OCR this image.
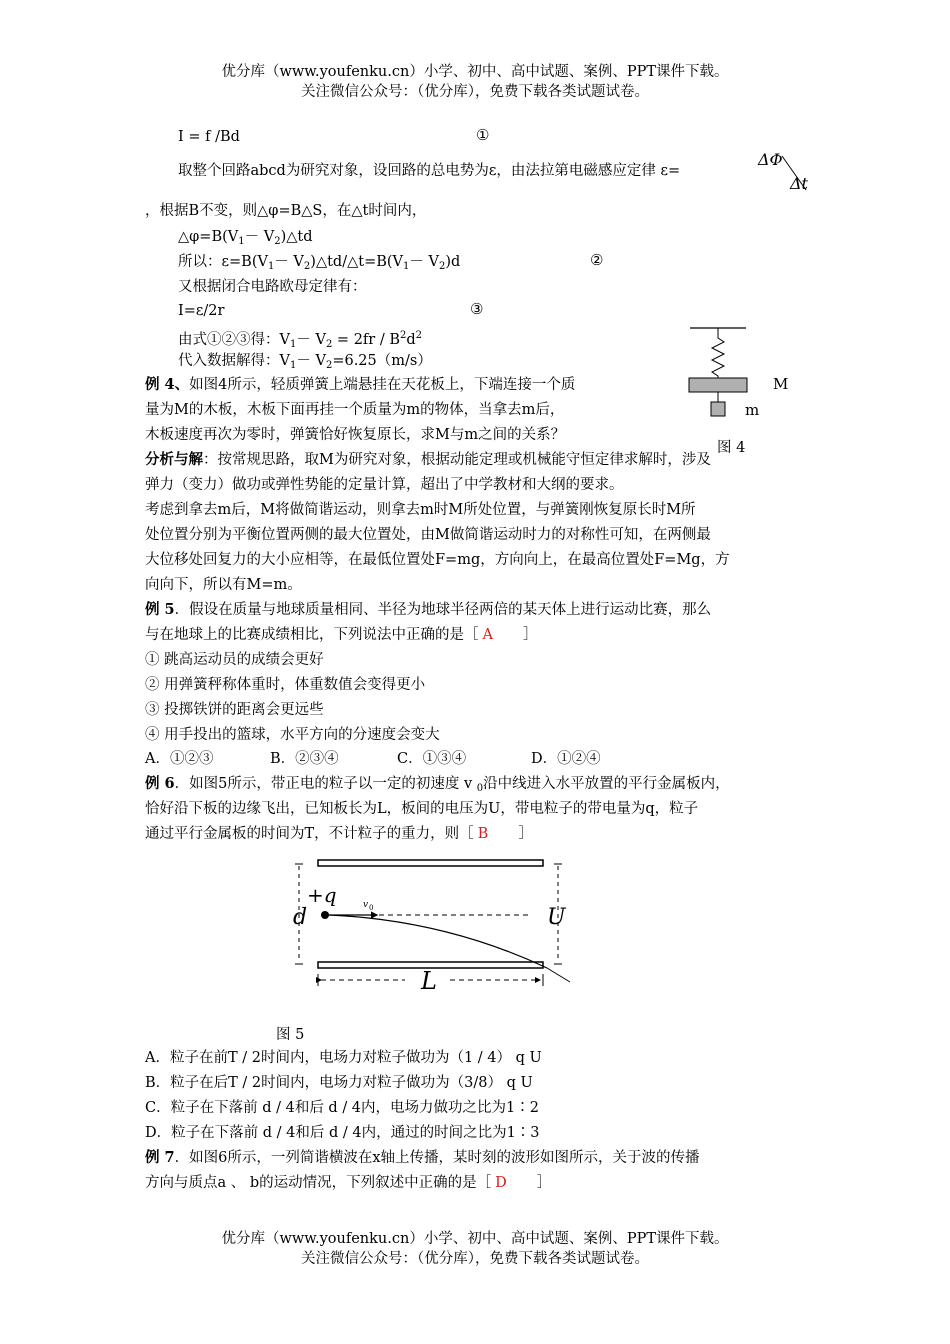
优分库（www.youfenku.cn）小学、初中、高中试题、案例、PPT课件下载。
关注微信公众号：（优分库），免费下载各类试题试卷。
I = f /Bd	①
取整个回路abcd为研究对象，设回路的总电势为ε，由法拉第电磁感应定律 ε=
ΔΦ
Δt
，根据B不变，则△φ=B△S，在△t时间内，
$\triangle\varphi=B(V_1-$ $V_2)\triangle td$
所以：$\varepsilon=B(V_1-$ $V_2)\triangle td/\triangle t=B(V_1- V_2)d$	②
又根据闭合电路欧母定律有：
I=ε/2r	③
由式①②③得：$V_1- V_2 = 2fr / B^2d^2$
代入数据解得：$V_1- V_2=6.25(m/s)$
例 4、如图4所示，轻质弹簧上端悬挂在天花板上，下端连接一个质
量为M的木板，木板下面再挂一个质量为m的物体，当拿去m后，
木板速度再次为零时，弹簧恰好恢复原长，求M与m之间的关系？
M
m
图 4
分析与解：按常规思路，取M为研究对象，根据动能定理或机械能守恒定律求解时，涉及
弹力（变力）做功或弹性势能的定量计算，超出了中学教材和大纲的要求。
考虑到拿去m后，M将做简谐运动，则拿去m时M所处位置，与弹簧刚恢复原长时M所
处位置分别为平衡位置两侧的最大位置处，由M做简谐运动时力的对称性可知，在两侧最
大位移处回复力的大小应相等，在最低位置处F=mg，方向向上，在最高位置处F=Mg，方
向向下，所以有M=m。
例 5．假设在质量与地球质量相同、半径为地球半径两倍的某天体上进行运动比赛，那么
与在地球上的比赛成绩相比，下列说法中正确的是［ A ］
① 跳高运动员的成绩会更好
② 用弹簧秤称体重时，体重数值会变得更小
③ 投掷铁饼的距离会更远些
④ 用手投出的篮球，水平方向的分速度会变大
A．①②③	B．②③④	C．①③④	D．①②④
例 6．如图5所示，带正电的粒子以一定的初速度 v $_0$沿中线进入水平放置的平行金属板内，
恰好沿下板的边缘飞出，已知板长为L，板间的电压为U，带电粒子的带电量为q，粒子
通过平行金属板的时间为T，不计粒子的重力，则［ B ］
+q	v 0
d	U
L
图 5
A．粒子在前T / 2时间内，电场力对粒子做功为（1 / 4） q U
B．粒子在后T / 2时间内，电场力对粒子做功为（3/8） q U
C．粒子在下落前 d / 4和后 d / 4内，电场力做功之比为1∶2
D．粒子在下落前 d / 4和后 d / 4内，通过的时间之比为1∶3
例 7．如图6所示，一列简谐横波在x轴上传播，某时刻的波形如图所示，关于波的传播
方向与质点a 、 b的运动情况，下列叙述中正确的是［ D ］
优分库（www.youfenku.cn）小学、初中、高中试题、案例、PPT课件下载。
关注微信公众号：（优分库），免费下载各类试题试卷。
